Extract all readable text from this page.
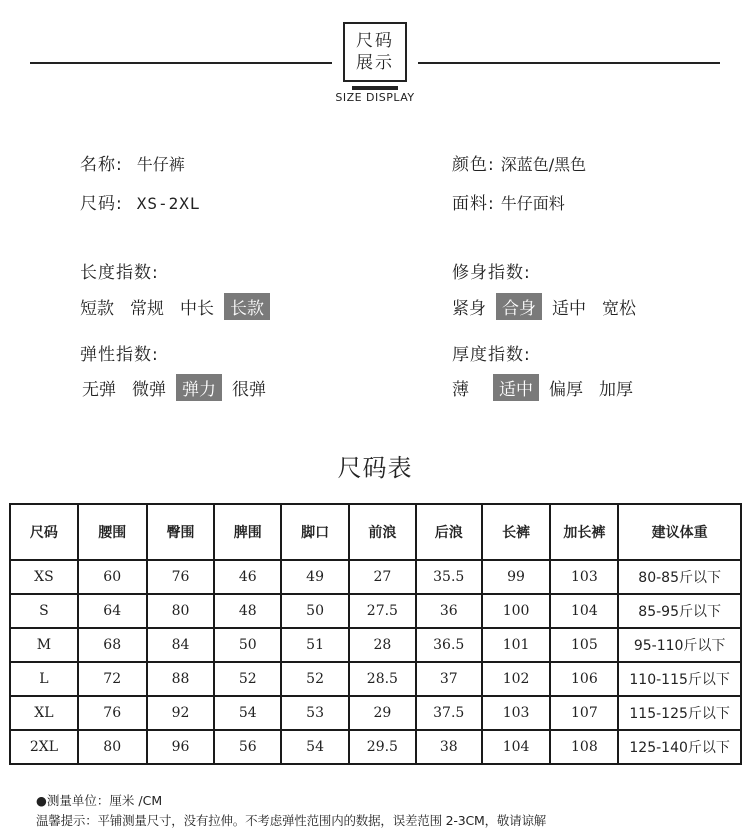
尺码
展示
SIZE DISPLAY
名称: 牛仔裤
尺码: XS-2XL
颜色: 深蓝色/黑色
面料: 牛仔面料
长度指数:
短款 常规 中长 长款
修身指数:
紧身 合身 适中 宽松
弹性指数:
无弹 微弹 弹力 很弹
厚度指数:
薄	适中 偏厚 加厚
尺码表
尺码	腰围	臀围	脾围	脚口	前浪	后浪	长裤	加长裤	建议体重
XS	60	76	46	49	27	35.5	99	103	80-85斤以下
S	64	80	48	50	27.5	36	100	104	85-95斤以下
M	68	84	50	51	28	36.5	101	105	95-110斤以下
L	72	88	52	52	28.5	37	102	106	110-115斤以下
XL	76	92	54	53	29	37.5	103	107	115-125斤以下
2XL	80	96	56	54	29.5	38	104	108	125-140斤以下
●测量单位：厘米 /CM
温馨提示：平铺测量尺寸，没有拉伸。不考虑弹性范围内的数据，误差范围 2-3CM，敬请谅解
